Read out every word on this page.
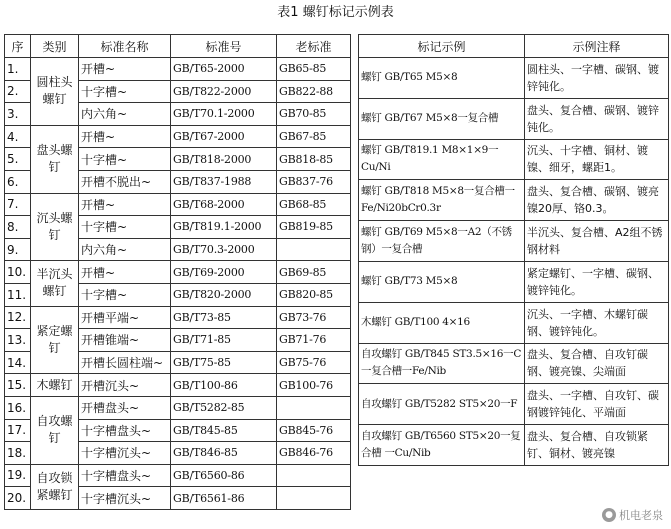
表1 螺钉标记示例表
序	类别	标准名称	标准号	老标准
1.	圆柱头螺钉	开槽~	GB/T65-2000	GB65-85
2.		十字槽~	GB/T822-2000	GB822-88
3.		内六角~	GB/T70.1-2000	GB70-85
4.	盘头螺钉	开槽~	GB/T67-2000	GB67-85
5.		十字槽~	GB/T818-2000	GB818-85
6.		开槽不脱出~	GB/T837-1988	GB837-76
7.	沉头螺钉	开槽~	GB/T68-2000	GB68-85
8.		十字槽~	GB/T819.1-2000	GB819-85
9.		内六角~	GB/T70.3-2000	
10.	半沉头螺钉	开槽~	GB/T69-2000	GB69-85
11.		十字槽~	GB/T820-2000	GB820-85
12.	紧定螺钉	开槽平端~	GB/T73-85	GB73-76
13.		开槽锥端~	GB/T71-85	GB71-76
14.		开槽长圆柱端~	GB/T75-85	GB75-76
15.	木螺钉	开槽沉头~	GB/T100-86	GB100-76
16.	自攻螺钉	开槽盘头~	GB/T5282-85	
17.		十字槽盘头~	GB/T845-85	GB845-76
18.		十字槽沉头~	GB/T846-85	GB846-76
19.	自攻锁紧螺钉	十字槽盘头~	GB/T6560-86	
20.		十字槽沉头~	GB/T6561-86	
标记示例	示例注释
螺钉 GB/T65 M5×8	圆柱头、一字槽、碳钢、镀锌钝化。
螺钉 GB/T67 M5×8一复合槽	盘头、复合槽、碳钢、镀锌钝化。
螺钉 GB/T819.1 M8×1×9一Cu/Ni	沉头、十字槽、铜材、镀镍、细牙，螺距1。
螺钉 GB/T818 M5×8一复合槽一Fe/Ni20bCr0.3r	盘头、复合槽、碳钢、镀亮镍20厚、铬0.3。
螺钉 GB/T69 M5×8一A2（不锈钢）一复合槽	半沉头、复合槽、A2组不锈钢材料
螺钉 GB/T73 M5×8	紧定螺钉、一字槽、碳钢、镀锌钝化。
木螺钉 GB/T100 4×16	沉头、一字槽、木螺钉碳钢、镀锌钝化。
自攻螺钉 GB/T845 ST3.5×16一C一复合槽一Fe/Nib	盘头、复合槽、自攻钉碳钢、镀亮镍、尖端面
自攻螺钉 GB/T5282 ST5×20一F	盘头、一字槽、自攻钉、碳钢镀锌钝化、平端面
自攻螺钉 GB/T6560 ST5×20一复合槽 一Cu/Nib	盘头、复合槽、自攻锁紧钉、铜材、镀亮镍
● 机电老泉
